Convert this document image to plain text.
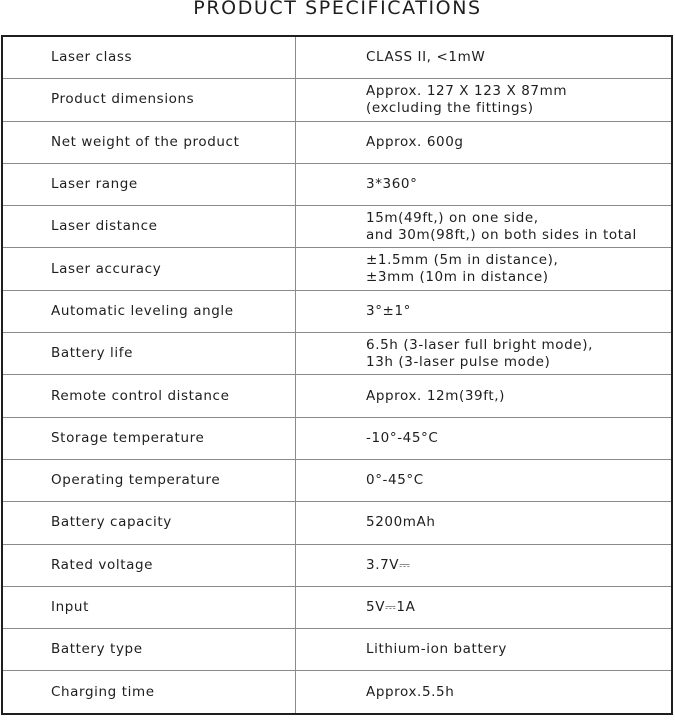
PRODUCT SPECIFICATIONS
Laser class	CLASS II, <1mW

Product dimensions	Approx. 127 X 123 X 87mm
(excluding the fittings)

Net weight of the product	Approx. 600g

Laser range	3*360°

Laser distance	15m(49ft,) on one side,
and 30m(98ft,) on both sides in total

Laser accuracy	±1.5mm (5m in distance),
±3mm (10m in distance)

Automatic leveling angle	3°±1°

Battery life	6.5h (3-laser full bright mode),
13h (3-laser pulse mode)

Remote control distance	Approx. 12m(39ft,)

Storage temperature	-10°-45°C

Operating temperature	0°-45°C

Battery capacity	5200mAh

Rated voltage	3.7V⎓

Input	5V⎓1A

Battery type	Lithium-ion battery

Charging time	Approx.5.5h
